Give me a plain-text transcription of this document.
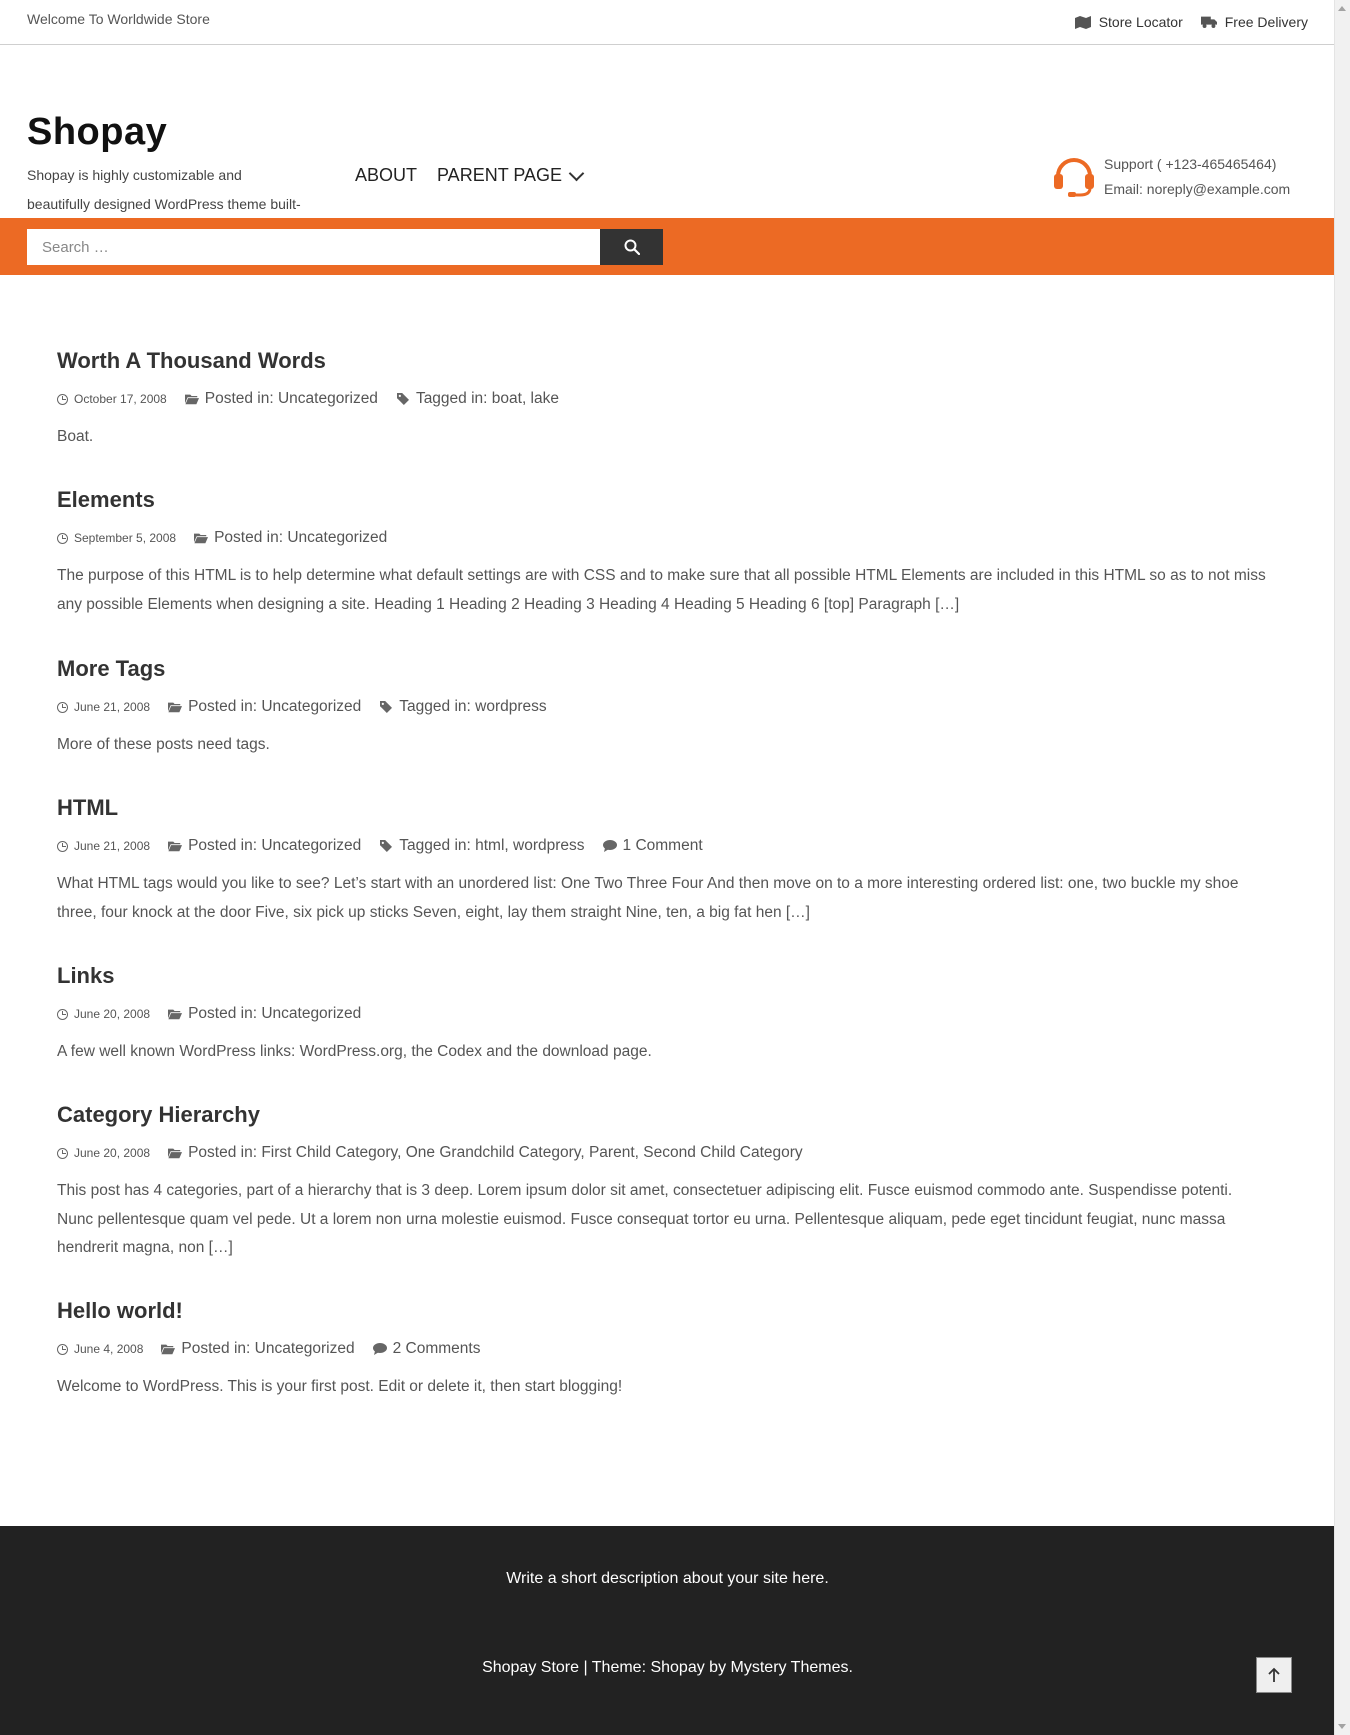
Welcome To Worldwide Store	Store Locator	Free Delivery
Shopay
Shopay is highly customizable and beautifully designed WordPress theme built-
ABOUT PARENT PAGE
Support ( +123-465465464)
Email: noreply@example.com
Search …
Worth A Thousand Words
October 17, 2008 Posted in: Uncategorized Tagged in: boat, lake

Boat.

Elements
September 5, 2008 Posted in: Uncategorized

The purpose of this HTML is to help determine what default settings are with CSS and to make sure that all possible HTML Elements are included in this HTML so as to not miss any possible Elements when designing a site. Heading 1 Heading 2 Heading 3 Heading 4 Heading 5 Heading 6 [top] Paragraph […]

More Tags
June 21, 2008 Posted in: Uncategorized Tagged in: wordpress

More of these posts need tags.

HTML
June 21, 2008 Posted in: Uncategorized Tagged in: html, wordpress 1 Comment

What HTML tags would you like to see? Let’s start with an unordered list: One Two Three Four And then move on to a more interesting ordered list: one, two buckle my shoe three, four knock at the door Five, six pick up sticks Seven, eight, lay them straight Nine, ten, a big fat hen […]

Links
June 20, 2008 Posted in: Uncategorized

A few well known WordPress links: WordPress.org, the Codex and the download page.

Category Hierarchy
June 20, 2008 Posted in: First Child Category, One Grandchild Category, Parent, Second Child Category

This post has 4 categories, part of a hierarchy that is 3 deep. Lorem ipsum dolor sit amet, consectetuer adipiscing elit. Fusce euismod commodo ante. Suspendisse potenti. Nunc pellentesque quam vel pede. Ut a lorem non urna molestie euismod. Fusce consequat tortor eu urna. Pellentesque aliquam, pede eget tincidunt feugiat, nunc massa hendrerit magna, non […]

Hello world!
June 4, 2008 Posted in: Uncategorized 2 Comments

Welcome to WordPress. This is your first post. Edit or delete it, then start blogging!

Write a short description about your site here.
Shopay Store | Theme: Shopay by Mystery Themes.
